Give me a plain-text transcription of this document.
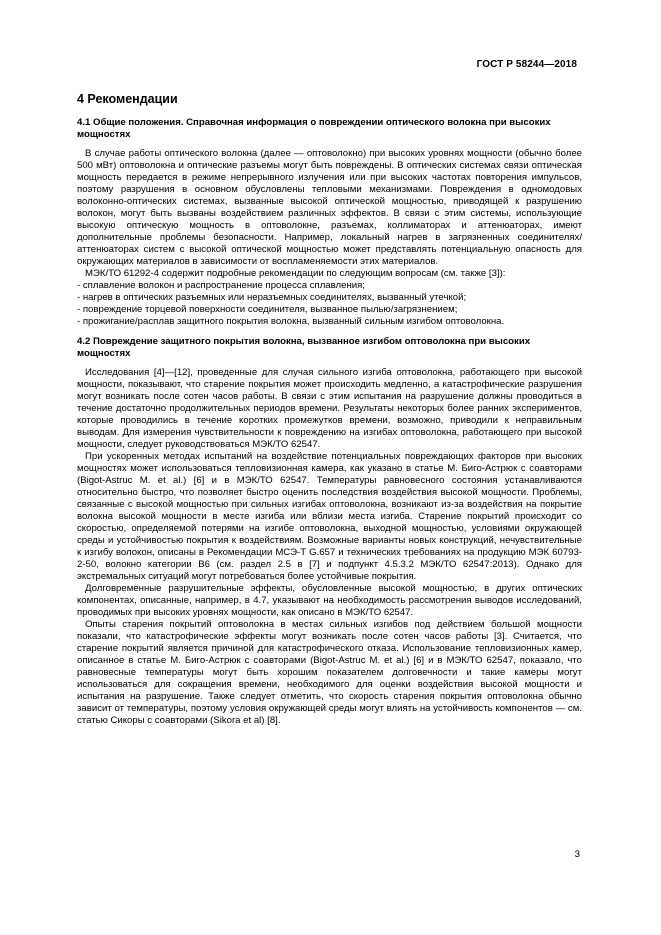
ГОСТ Р 58244—2018
4 Рекомендации
4.1 Общие положения. Справочная информация о повреждении оптического волокна при высоких мощностях

В случае работы оптического волокна (далее — оптоволокно) при высоких уровнях мощности (обычно более 500 мВт) оптоволокна и оптические разъемы могут быть повреждены. В оптических системах связи оптическая мощность передается в режиме непрерывного излучения или при высоких частотах повторения импульсов, поэтому разрушения в основном обусловлены тепловыми механизмами. Повреждения в одномодовых волоконно-оптических системах, вызванные высокой оптической мощностью, приводящей к разрушению волокон, могут быть вызваны воздействием различных эффектов. В связи с этим системы, использующие высокую оптическую мощность в оптоволокне, разъемах, коллиматорах и аттенюаторах, имеют дополнительные проблемы безопасности. Например, локальный нагрев в загрязненных соединителях/аттенюаторах систем с высокой оптической мощностью может представлять потенциальную опасность для окружающих материалов в зависимости от воспламеняемости этих материалов.

МЭК/ТО 61292-4 содержит подробные рекомендации по следующим вопросам (см. также [3]):

- сплавление волокон и распространение процесса сплавления;
- нагрев в оптических разъемных или неразъемных соединителях, вызванный утечкой;
- повреждение торцевой поверхности соединителя, вызванное пылью/загрязнением;
- прожигание/расплав защитного покрытия волокна, вызванный сильным изгибом оптоволокна.
4.2 Повреждение защитного покрытия волокна, вызванное изгибом оптоволокна при высоких мощностях

Исследования [4]—[12], проведенные для случая сильного изгиба оптоволокна, работающего при высокой мощности, показывают, что старение покрытия может происходить медленно, а катастрофические разрушения могут возникать после сотен часов работы. В связи с этим испытания на разрушение должны проводиться в течение достаточно продолжительных периодов времени. Результаты некоторых более ранних экспериментов, которые проводились в течение коротких промежутков времени, возможно, приводили к неправильным выводам. Для измерения чувствительности к повреждению на изгибах оптоволокна, работающего при высокой мощности, следует руководствоваться МЭК/ТО 62547.

При ускоренных методах испытаний на воздействие потенциальных повреждающих факторов при высоких мощностях может использоваться тепловизионная камера, как указано в статье М. Биго-Астрюк с соавторами (Bigot-Astruc M. et al.) [6] и в МЭК/ТО 62547. Температуры равновесного состояния устанавливаются относительно быстро, что позволяет быстро оценить последствия воздействия высокой мощности. Проблемы, связанные с высокой мощностью при сильных изгибах оптоволокна, возникают из-за воздействия на покрытие волокна высокой мощности в месте изгиба или вблизи места изгиба. Старение покрытий происходит со скоростью, определяемой потерями на изгибе оптоволокна, выходной мощностью, условиями окружающей среды и устойчивостью покрытия к воздействиям. Возможные варианты новых конструкций, нечувствительные к изгибу волокон, описаны в Рекомендации МСЭ-Т G.657 и технических требованиях на продукцию МЭК 60793-2-50, волокно категории B6 (см. раздел 2.5 в [7] и подпункт 4.5.3.2 МЭК/ТО 62547:2013). Однако для экстремальных ситуаций могут потребоваться более устойчивые покрытия.

Долговременные разрушительные эффекты, обусловленные высокой мощностью, в других оптических компонентах, описанные, например, в 4.7, указывают на необходимость рассмотрения выводов исследований, проводимых при высоких уровнях мощности, как описано в МЭК/ТО 62547.

Опыты старения покрытий оптоволокна в местах сильных изгибов под действием большой мощности показали, что катастрофические эффекты могут возникать после сотен часов работы [3]. Считается, что старение покрытий является причиной для катастрофического отказа. Использование тепловизионных камер, описанное в статье М. Биго-Астрюк с соавторами (Bigot-Astruc M. et al.) [6] и в МЭК/ТО 62547, показало, что равновесные температуры могут быть хорошим показателем долговечности и такие камеры могут использоваться для сокращения времени, необходимого для оценки воздействия высокой мощности и испытания на разрушение. Также следует отметить, что скорость старения покрытия оптоволокна обычно зависит от температуры, поэтому условия окружающей среды могут влиять на устойчивость компонентов — см. статью Сикоры с соавторами (Sikora et al) [8].

3
